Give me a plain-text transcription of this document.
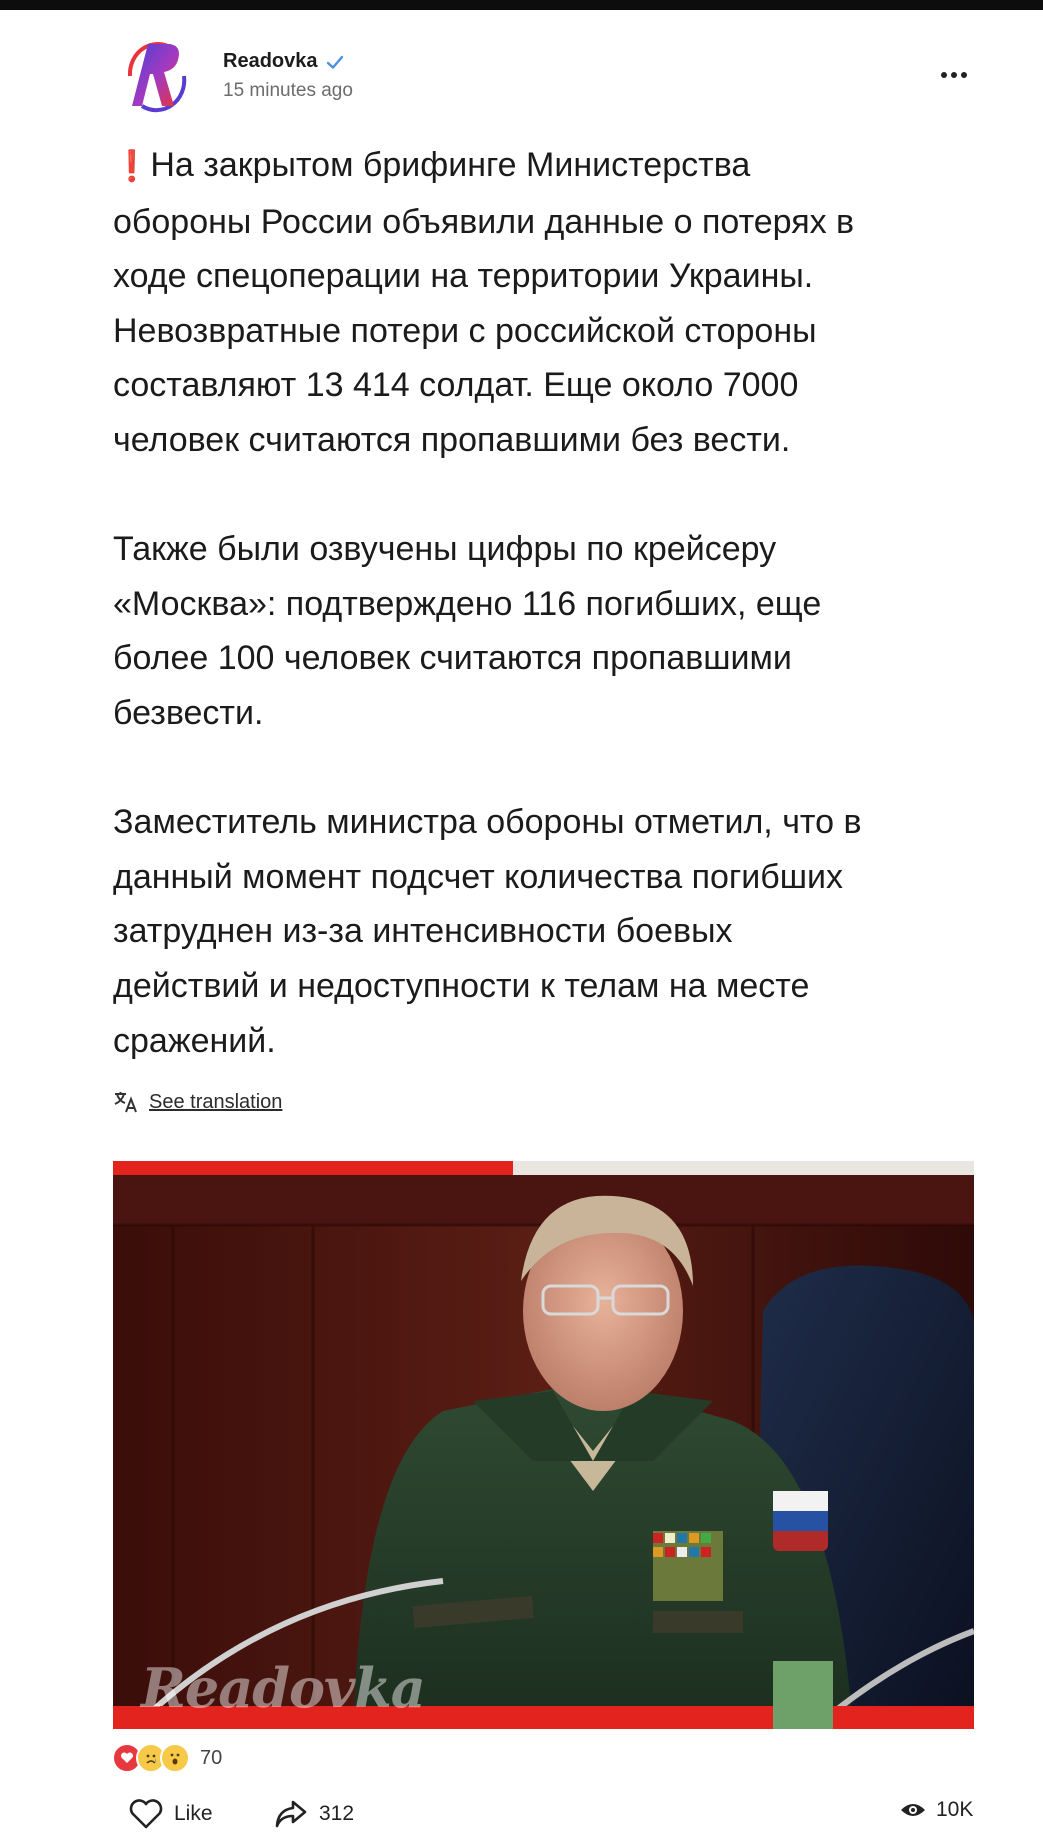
Readovka
15 minutes ago

❗На закрытом брифинге Министерства
обороны России объявили данные о потерях в
ходе спецоперации на территории Украины.
Невозвратные потери с российской стороны
составляют 13 414 солдат. Еще около 7000
человек считаются пропавшими без вести.

Также были озвучены цифры по крейсеру
«Москва»: подтверждено 116 погибших, еще
более 100 человек считаются пропавшими
безвести.

Заместитель министра обороны отметил, что в
данный момент подсчет количества погибших
затруднен из-за интенсивности боевых
действий и недоступности к телам на месте
сражений.

See translation
Readovka
70
Like	312	10K
